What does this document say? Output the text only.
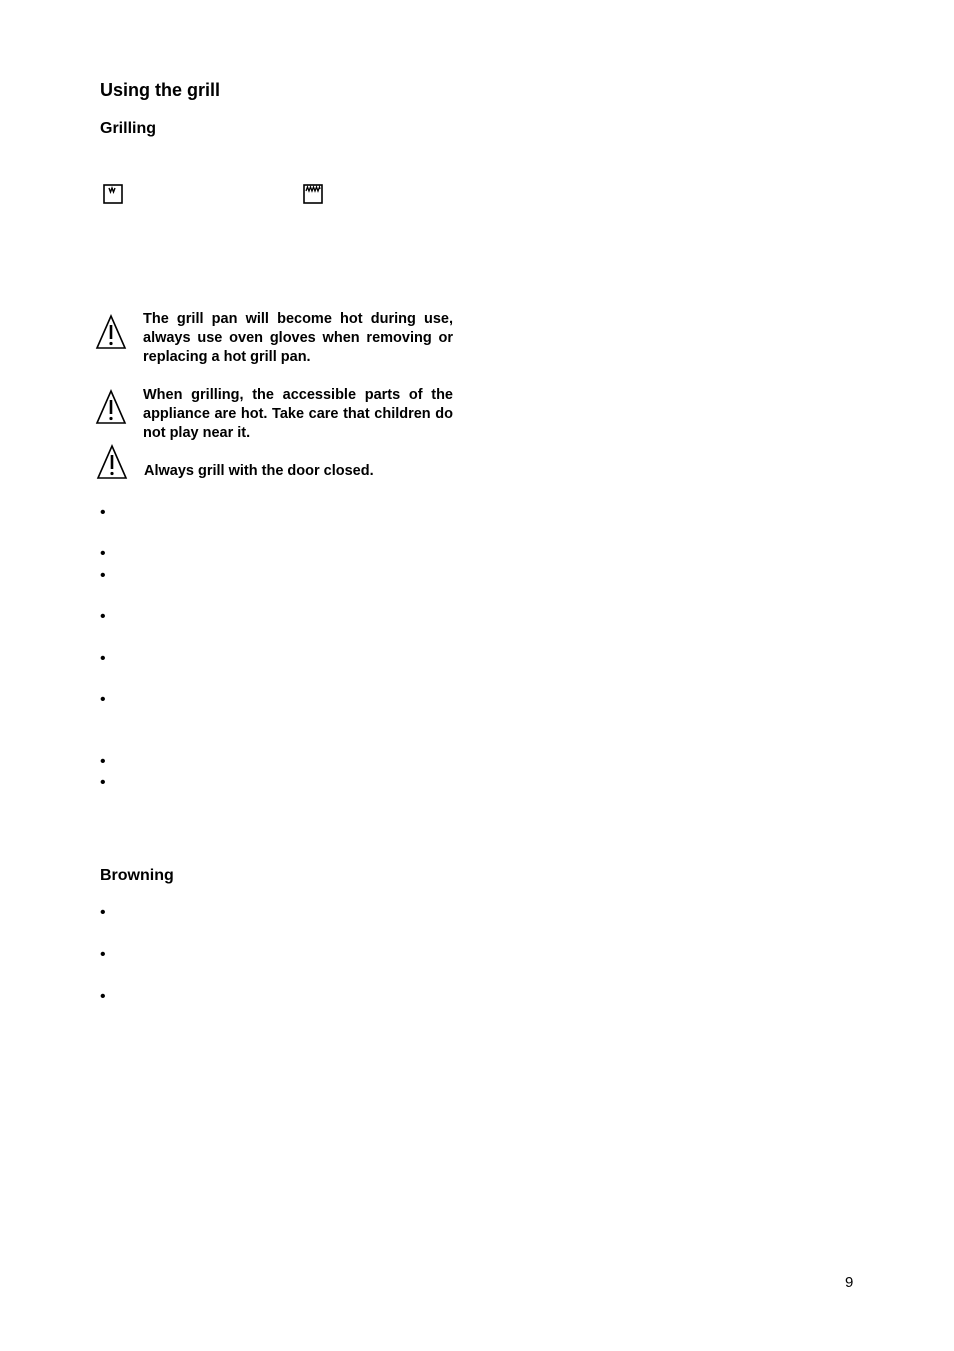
Using the grill
Grilling
The grill pan will become hot during use, always use oven gloves when removing or replacing a hot grill pan.
When grilling, the accessible parts of the appliance are hot. Take care that children do not play near it.
Always grill with the door closed.
•
•
•
•
•
•
•
•
Browning
•
•
•
9
